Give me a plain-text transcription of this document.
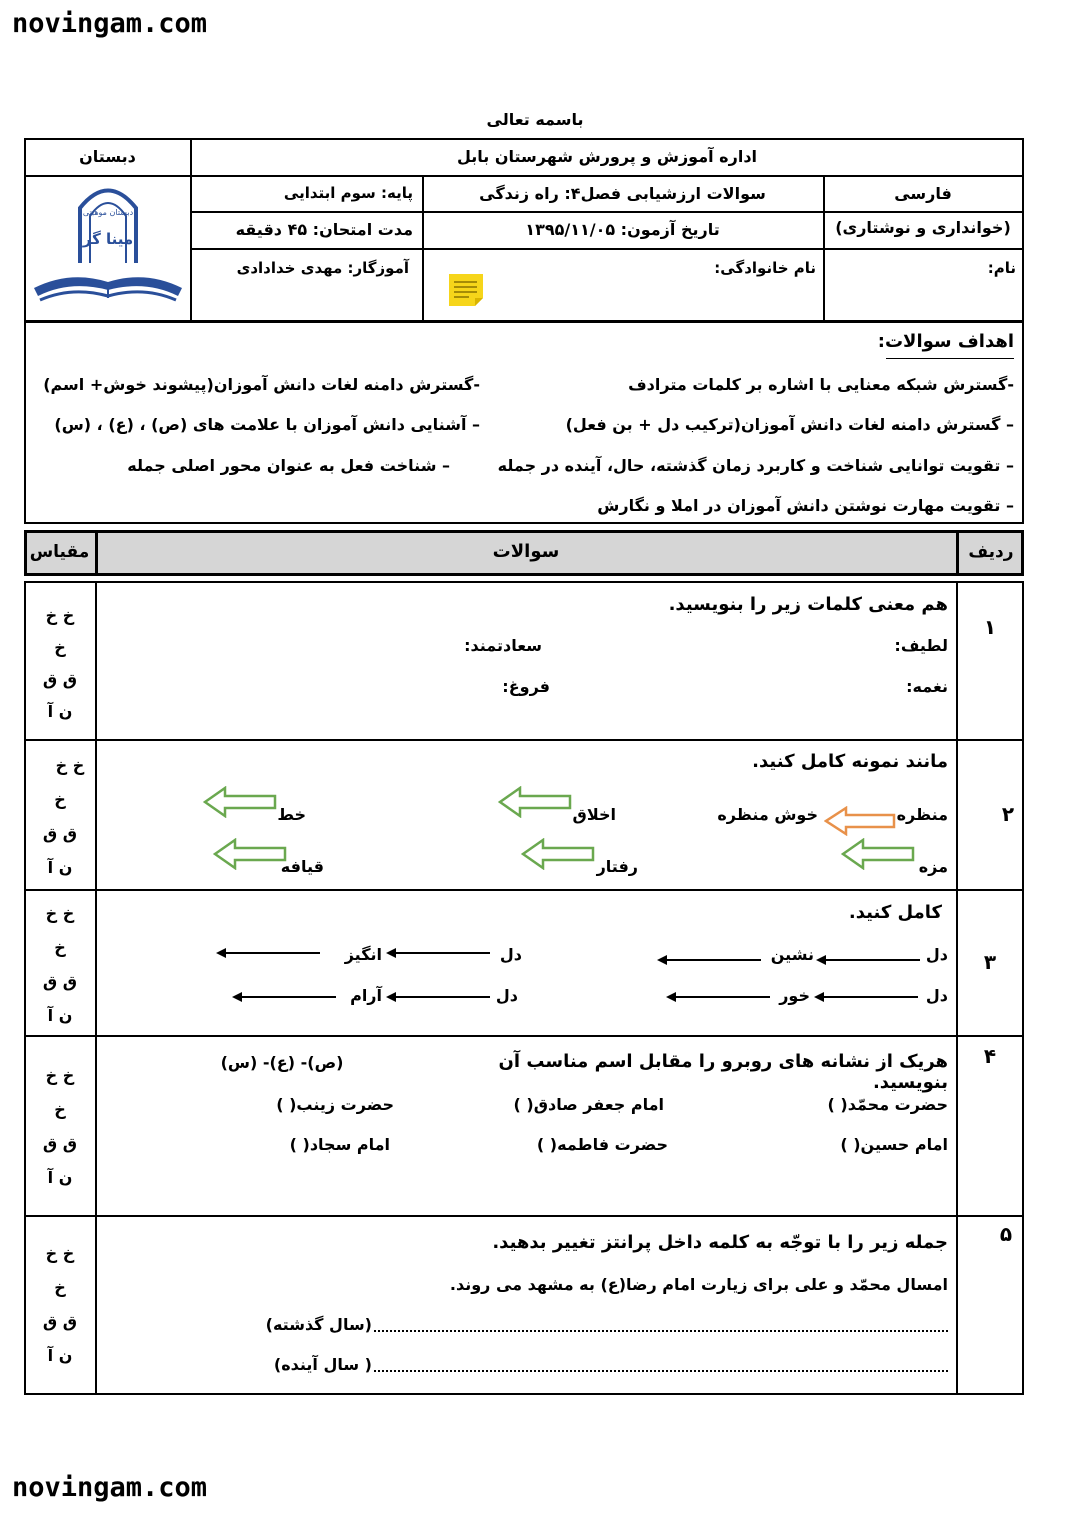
novingam.com
novingam.com
باسمه تعالی
دبستان	اداره آموزش و پرورش شهرستان بابل
فارسی
(خوانداری و نوشتاری)
سوالات ارزشیابی فصل۴: راه زندگی
تاریخ آزمون: ۱۳۹۵/۱۱/۰۵
پایه: سوم ابتدایی
مدت امتحان: ۴۵ دقیقه
نام:
نام خانوادگی:
آموزگار: مهدی خدادادی
مینا گر
دبستان موهبتی
اهداف سوالات:
-گسترش شبکه معنایی با اشاره بر کلمات مترادف
-گسترش دامنه لغات دانش آموزان(پیشوند خوش+ اسم)
– گسترش دامنه لغات دانش آموزان(ترکیب دل + بن فعل)
– آشنایی دانش آموزان با علامت های (ص) ، (ع) ، (س)
– تقویت توانایی شناخت و کاربرد زمان گذشته، حال، آینده در جمله
– شناخت فعل به عنوان محور اصلی جمله
– تقویت مهارت نوشتن دانش آموزان در املا و نگارش
ردیف
سوالات
مقیاس
خ خ
خ
ق ق
ن آ
خ خ
خ
ق ق
ن آ
خ خ
خ
ق ق
ن آ
خ خ
خ
ق ق
ن آ
خ خ
خ
ق ق
ن آ
۱
۲
۳
۴
۵
هم معنی کلمات زیر را بنویسید.
لطیف:
سعادتمند:
نغمه:
فروغ:
مانند نمونه کامل کنید.
منظره
خوش منظره
اخلاق
خط
مزه
رفتار
قیافه
کامل کنید.
دل
نشین
دل
انگیز
دل
خور
دل
آرام
هریک از نشانه های روبرو را مقابل اسم مناسب آن بنویسید.
(ص)- (ع)- (س)
حضرت محمّد( )
امام جعفر صادق( )
حضرت زینب( )
امام حسین( )
حضرت فاطمه( )
امام سجاد( )
جمله زیر را با توجّه به کلمه داخل پرانتز تغییر بدهید.
امسال محمّد و علی برای زیارت امام رضا(ع) به مشهد می روند.
(سال گذشته)
( سال آینده)
